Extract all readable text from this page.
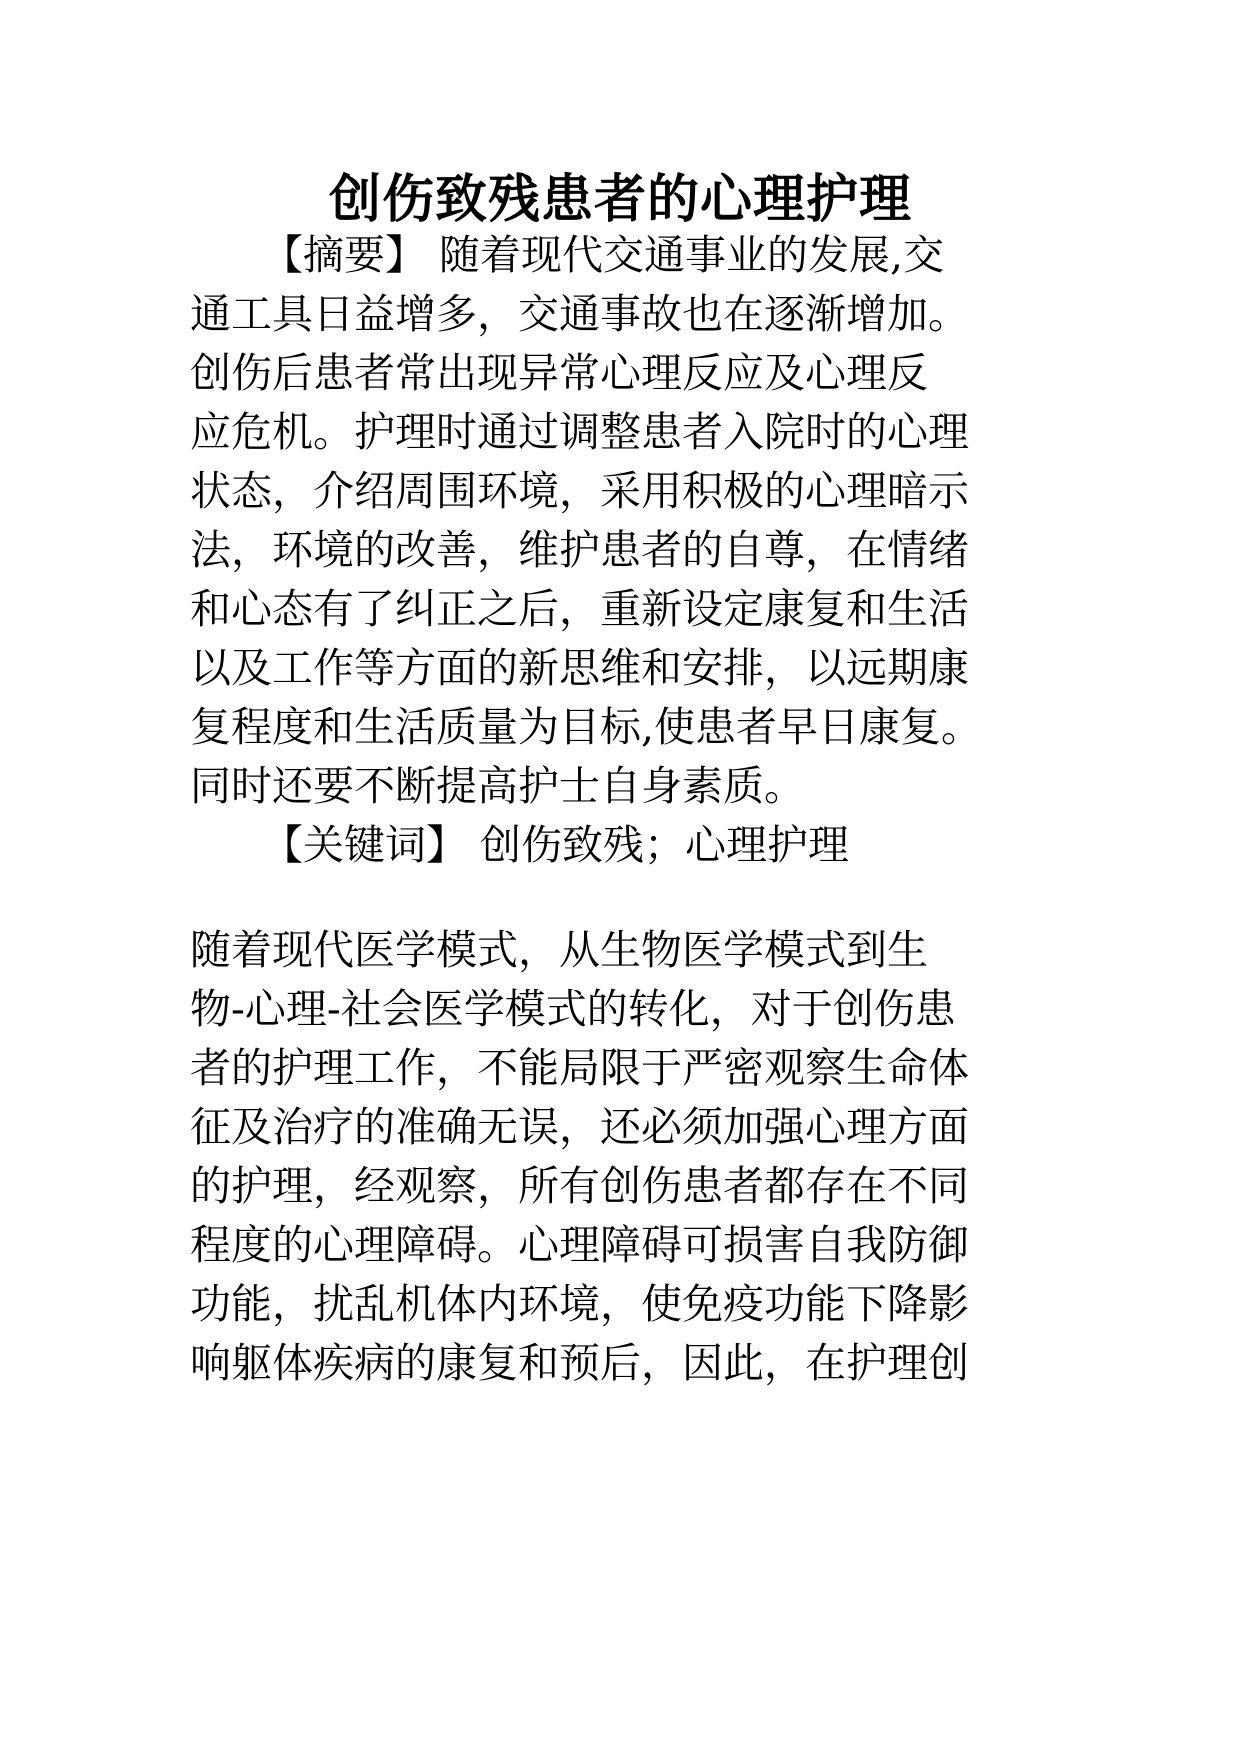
创伤致残患者的心理护理

【摘要】 随着现代交通事业的发展,交

通工具日益增多，交通事故也在逐渐增加。

创伤后患者常出现异常心理反应及心理反

应危机。护理时通过调整患者入院时的心理

状态，介绍周围环境，采用积极的心理暗示

法，环境的改善，维护患者的自尊，在情绪

和心态有了纠正之后，重新设定康复和生活

以及工作等方面的新思维和安排，以远期康

复程度和生活质量为目标,使患者早日康复。

同时还要不断提高护士自身素质。

【关键词】 创伤致残；心理护理

随着现代医学模式，从生物医学模式到生

物-心理-社会医学模式的转化，对于创伤患

者的护理工作，不能局限于严密观察生命体

征及治疗的准确无误，还必须加强心理方面

的护理，经观察，所有创伤患者都存在不同

程度的心理障碍。心理障碍可损害自我防御

功能，扰乱机体内环境，使免疫功能下降影

响躯体疾病的康复和预后，因此，在护理创
